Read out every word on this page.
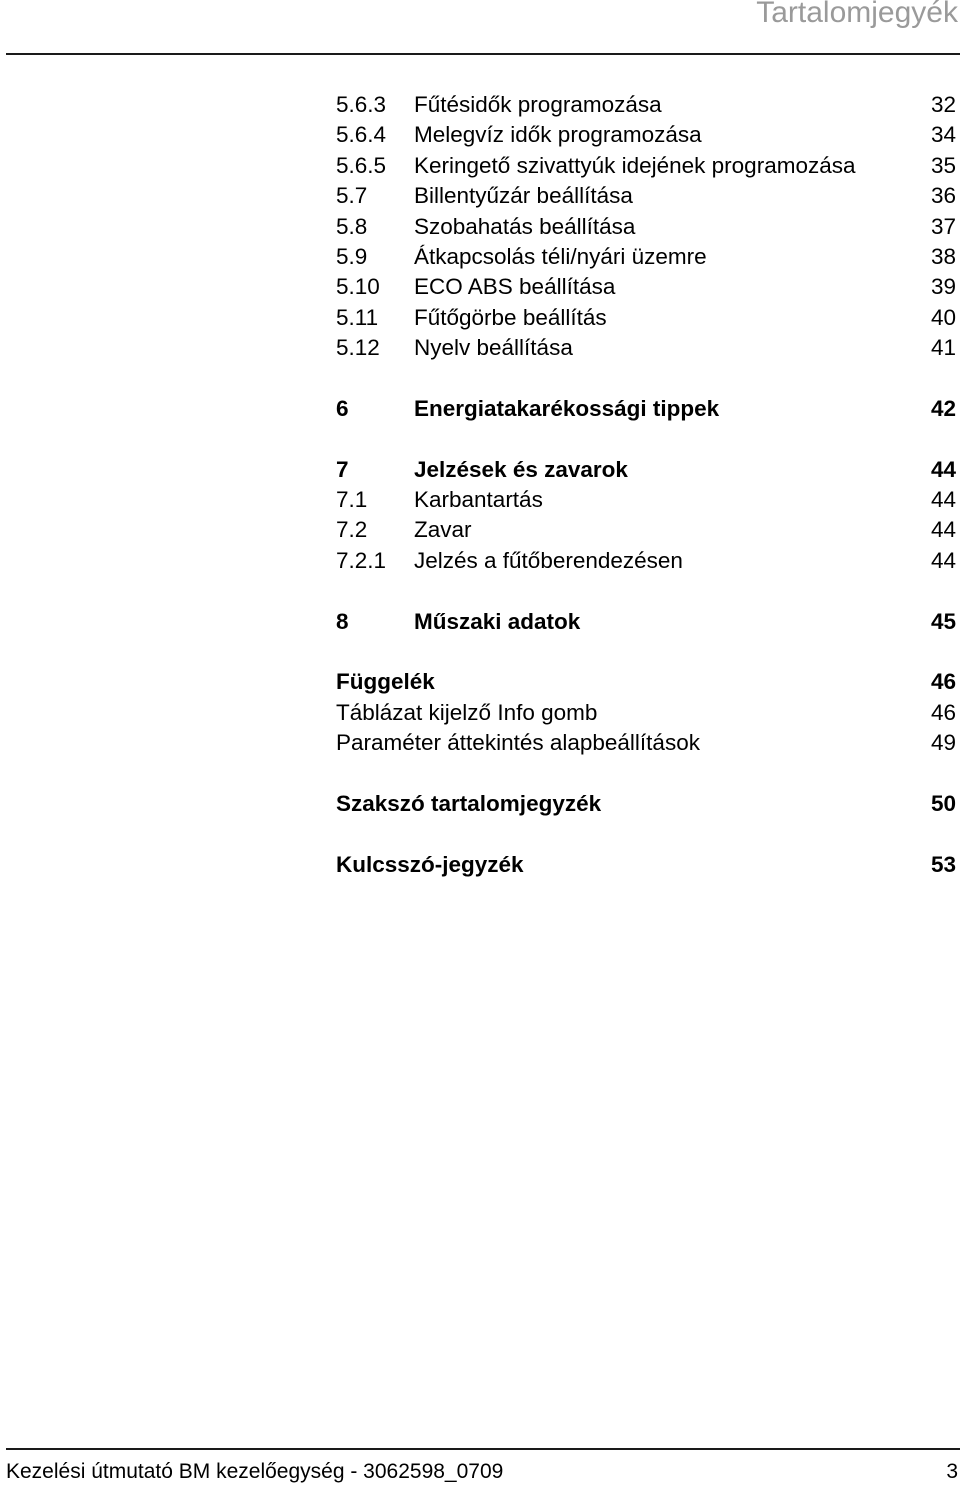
Tartalomjegyék
5.6.3 Fűtésidők programozása	32
5.6.4 Melegvíz idők programozása	34
5.6.5 Keringető szivattyúk idejének programozása	35
5.7 Billentyűzár beállítása	36
5.8 Szobahatás beállítása	37
5.9 Átkapcsolás téli/nyári üzemre	38
5.10 ECO ABS beállítása	39
5.11 Fűtőgörbe beállítás	40
5.12 Nyelv beállítása	41
6	Energiatakarékossági tippek	42
7	Jelzések és zavarok	44
7.1 Karbantartás	44
7.2 Zavar	44
7.2.1 Jelzés a fűtőberendezésen	44
8	Műszaki adatok	45
Függelék	46
Táblázat kijelző Info gomb	46
Paraméter áttekintés alapbeállítások	49
Szakszó tartalomjegyzék	50
Kulcsszó-jegyzék	53
Kezelési útmutató BM kezelőegység - 3062598_0709	3
